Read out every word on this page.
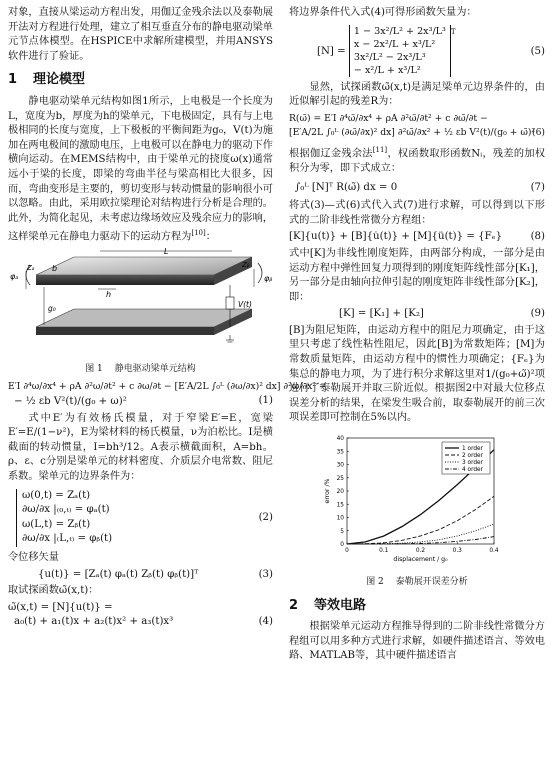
对象，直接从梁运动方程出发，用伽辽金残余法以及泰勒展开法对方程进行处理，建立了相互垂直分布的静电驱动梁单元节点体模型。在HSPICE中求解所建模型，并用ANSYS软件进行了验证。

1 理论模型

静电驱动梁单元结构如图1所示，上电极是一个长度为L，宽度为b，厚度为h的梁单元，下电极固定，具有与上电极相同的长度与宽度，上下极板的平衡间距为g₀，V(t)为施加在两电极间的激励电压，上电极可以在静电力的驱动下作横向运动。在MEMS结构中，由于梁单元的挠度ω(x)通常远小于梁的长度，即梁的弯曲半径与梁高相比大很多，因而，弯曲变形是主要的，剪切变形与转动惯量的影响很小可以忽略。由此，采用欧拉梁理论对结构进行分析是合理的。此外，为简化起见，未考虑边缘场效应及残余应力的影响，这样梁单元在静电力驱动下的运动方程为[10]：

L
b
h
g₀
φₐ
Zₐ
φᵦ
Zᵦ
V(t)
图 1 静电驱动梁单元结构
E′I ∂⁴ω/∂x⁴ + ρA ∂²ω/∂t² + c ∂ω/∂t − [E′A/2L ∫₀ᴸ (∂ω/∂x)² dx] ∂²ω/∂x² =
− ½ εb V²(t)/(g₀ + ω)²	(1)

式中E′为有效杨氏模量，对于窄梁E′=E，宽梁E′=E/(1−ν²)，E为梁材料的杨氏模量，ν为泊松比。I是横截面的转动惯量，I=bh³/12。A表示横截面积，A=bh。ρ、ε、c分别是梁单元的材料密度、介质层介电常数、阻尼系数。梁单元的边界条件为：

ω(0,t) = Zₐ(t)
∂ω/∂x |₍₀,ₜ₎ = φₐ(t)
ω(L,t) = Zᵦ(t)
∂ω/∂x |₍L,ₜ₎ = φᵦ(t)
(2)

令位移矢量

{u(t)} = [Zₐ(t) φₐ(t) Zᵦ(t) φᵦ(t)]ᵀ	(3)

取试探函数ω̃(x,t)：

ω̃(x,t) = [N]{u(t)} =
a₀(t) + a₁(t)x + a₂(t)x² + a₃(t)x³	(4)

将边界条件代入式(4)可得形函数矢量为：

[N] =
1 − 3x²/L² + 2x³/L³
x − 2x²/L + x³/L²
3x²/L² − 2x³/L³
− x²/L + x³/L²
$^T$
(5)

显然，试探函数ω̃(x,t)是满足梁单元边界条件的，由近似解引起的残差R为：

R(ω̃) = E′I ∂⁴ω̃/∂x⁴ + ρA ∂²ω̃/∂t² + c ∂ω̃/∂t −
[E′A/2L ∫₀ᴸ (∂ω̃/∂x)² dx] ∂²ω̃/∂x² + ½ εb V²(t)/(g₀ + ω̃)²
(6)

根据伽辽金残余法[11]，权函数取形函数Nᵢ，残差的加权积分为零，即下式成立：

∫₀ᴸ [N]ᵀ R(ω̃) dx = 0	(7)

将式(3)—式(6)式代入式(7)进行求解，可以得到以下形式的二阶非线性常微分方程组：

[K]{u(t)} + [B]{u̇(t)} + [M]{ü(t)} = {Fₑ}	(8)

式中[K]为非线性刚度矩阵，由两部分构成，一部分是由运动方程中弹性回复力项得到的刚度矩阵线性部分[K₁]，另一部分是由轴向拉伸引起的刚度矩阵非线性部分[K₂]，即：

[K] = [K₁] + [K₂]	(9)

[B]为阻尼矩阵，由运动方程中的阻尼力项确定，由于这里只考虑了线性粘性阻尼，因此[B]为常数矩阵；[M]为常数质量矩阵，由运动方程中的惯性力项确定；{Fₑ}为集总的静电力项，为了进行积分求解这里对1/(g₀+ω̃)²项进行了泰勒展开并取三阶近似。根据图2中对最大位移点误差分析的结果，在梁发生吸合前，取泰勒展开的前三次项误差即可控制在5%以内。

0	0.1	0.2	0.3	0.4
0
5
10
15
20
25
30
35
40
displacement / g₀
error /%
1 order
2 order
3 order
4 order
图 2 泰勒展开误差分析
2 等效电路

根据梁单元运动方程推导得到的二阶非线性常微分方程组可以用多种方式进行求解，如硬件描述语言、等效电路、MATLAB等，其中硬件描述语言
